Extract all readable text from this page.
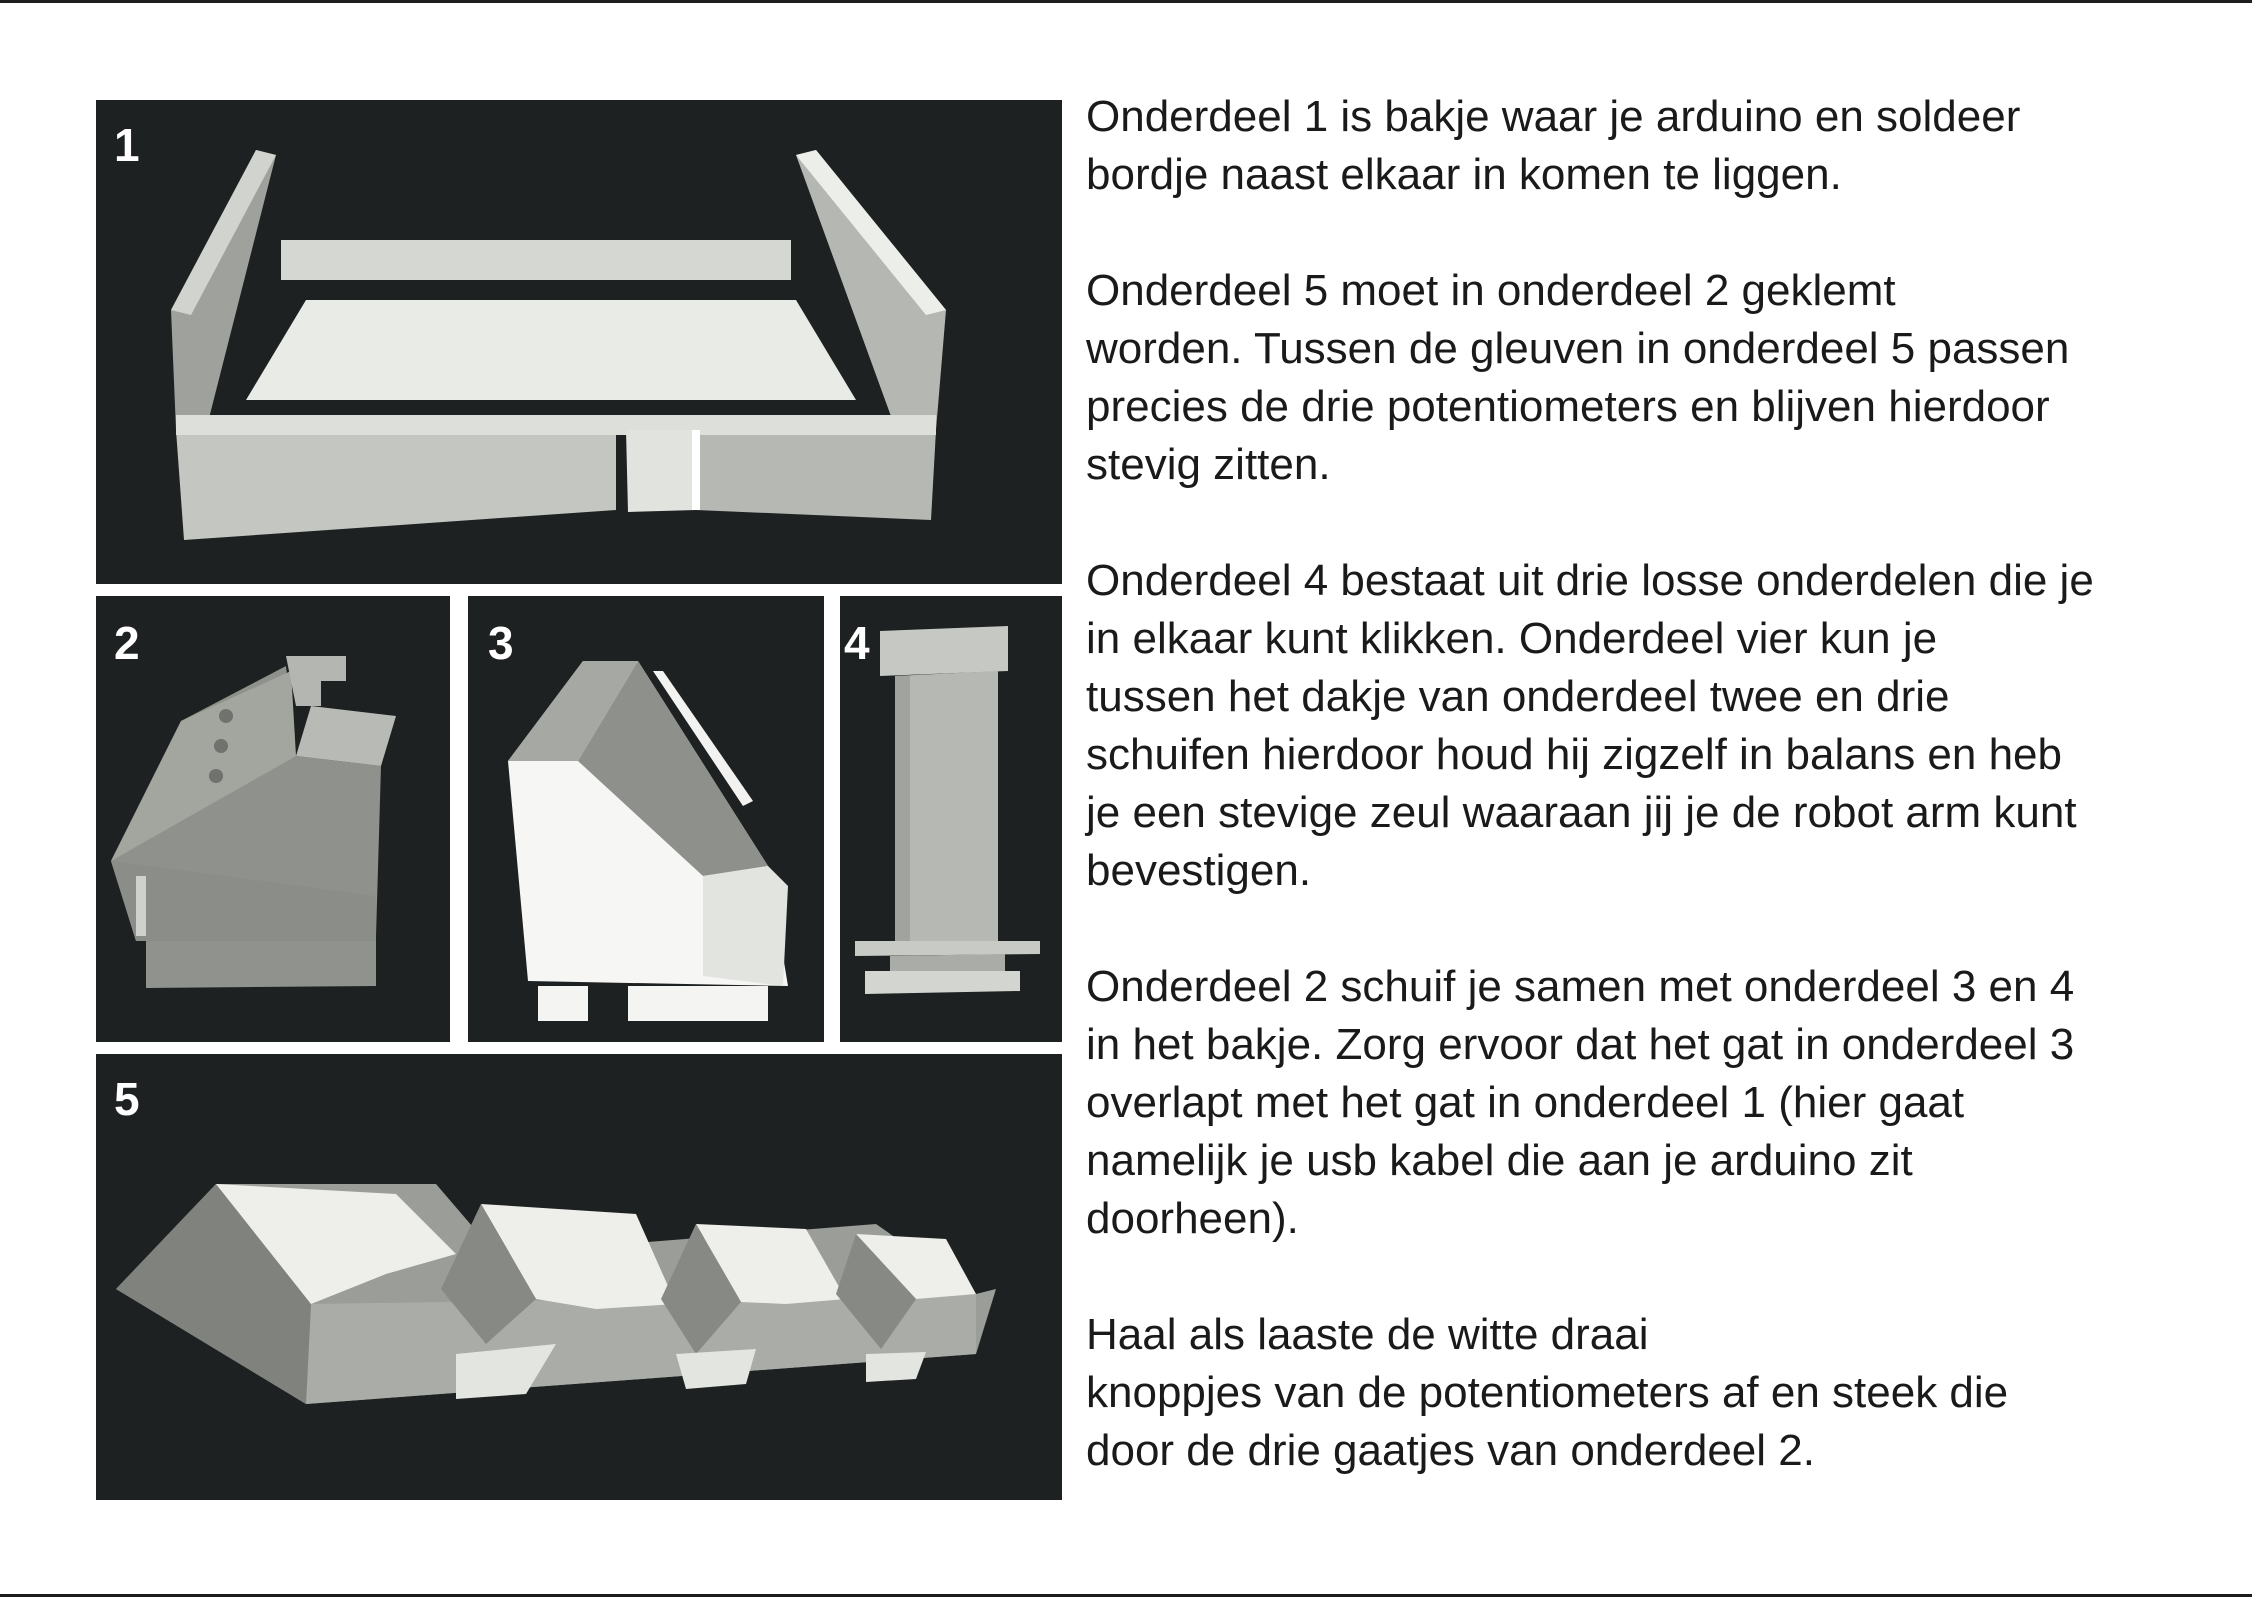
1
2	3	4
5

Onderdeel 1 is bakje waar je arduino en soldeer
bordje naast elkaar in komen te liggen.

Onderdeel 5 moet in onderdeel 2 geklemt
worden. Tussen de gleuven in onderdeel 5 passen
precies de drie potentiometers en blijven hierdoor
stevig zitten.

Onderdeel 4 bestaat uit drie losse onderdelen die je
in elkaar kunt klikken. Onderdeel vier kun je
tussen het dakje van onderdeel twee en drie
schuifen hierdoor houd hij zigzelf in balans en heb
je een stevige zeul waaraan jij je de robot arm kunt
bevestigen.

Onderdeel 2 schuif je samen met onderdeel 3 en 4
in het bakje. Zorg ervoor dat het gat in onderdeel 3
overlapt met het gat in onderdeel 1 (hier gaat
namelijk je usb kabel die aan je arduino zit
doorheen).

Haal als laaste de witte draai
knoppjes van de potentiometers af en steek die
door de drie gaatjes van onderdeel 2.
